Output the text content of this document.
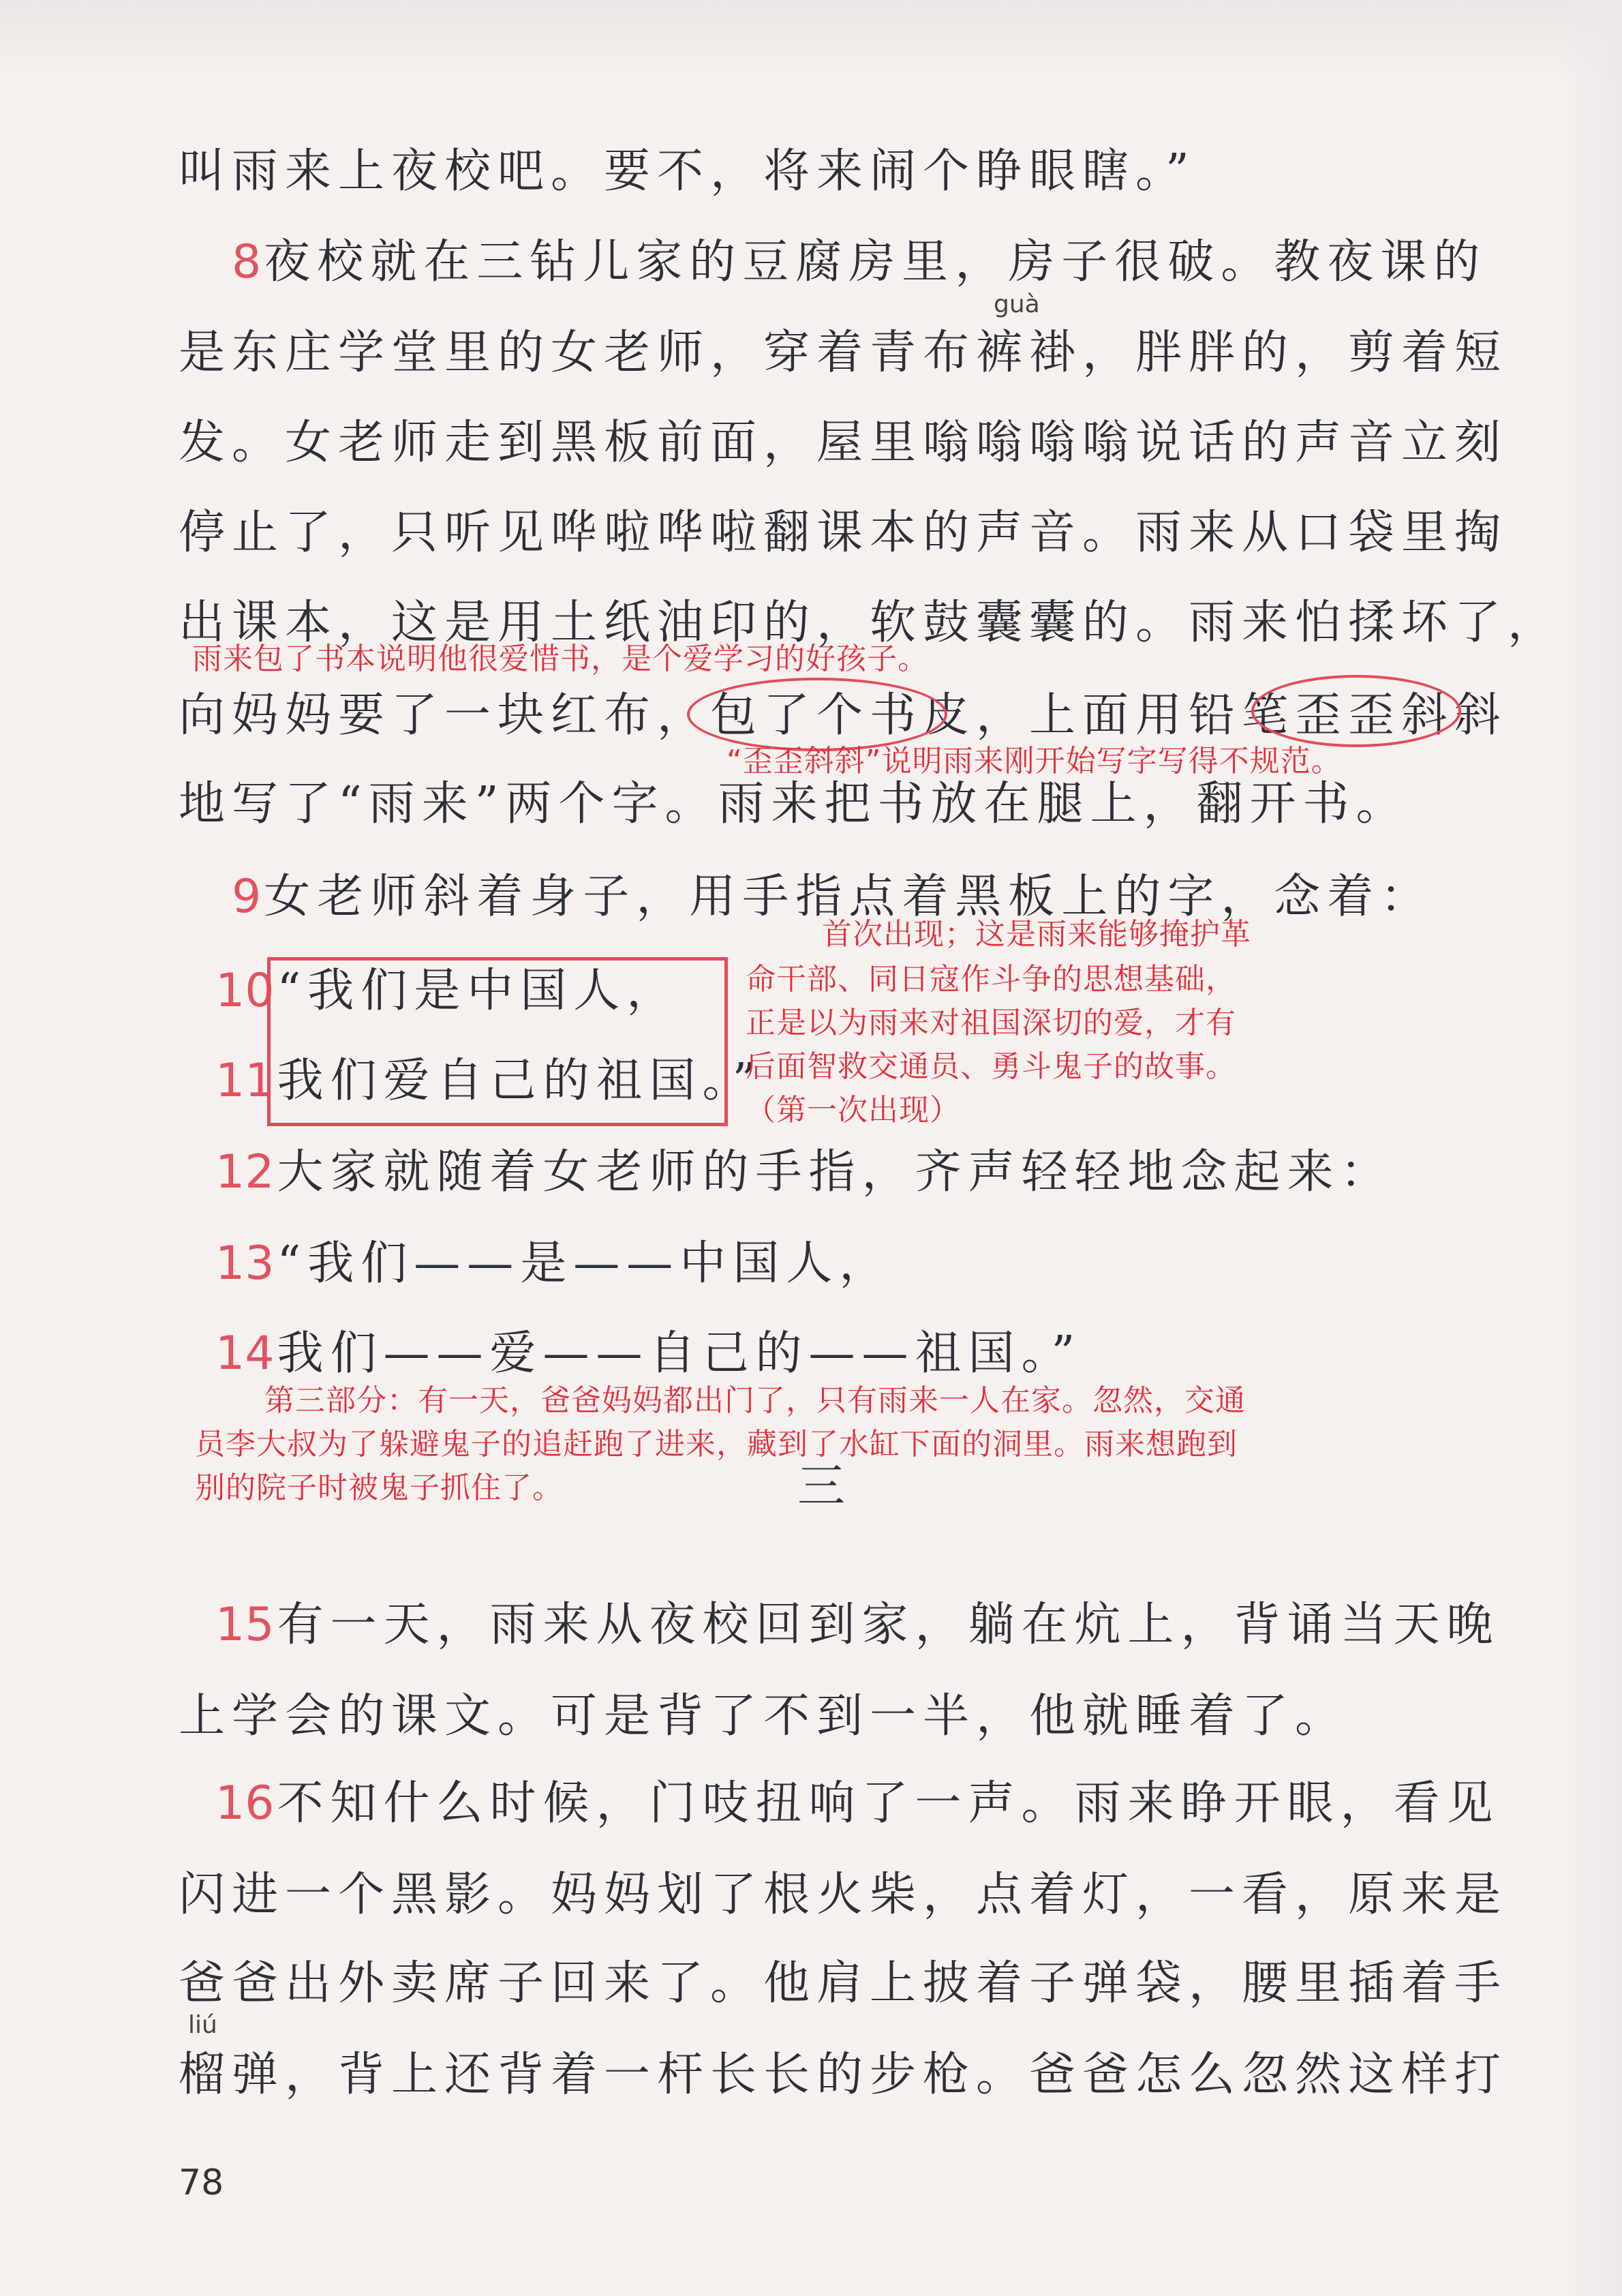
叫雨来上夜校吧。要不，将来闹个睁眼瞎。”
8夜校就在三钻儿家的豆腐房里，房子很破。教夜课的
是东庄学堂里的女老师，穿着青布裤褂，胖胖的，剪着短
发。女老师走到黑板前面，屋里嗡嗡嗡嗡说话的声音立刻
停止了，只听见哗啦哗啦翻课本的声音。雨来从口袋里掏
出课本，这是用土纸油印的，软鼓囊囊的。雨来怕揉坏了，
向妈妈要了一块红布，包了个书皮，上面用铅笔歪歪斜斜
地写了“雨来”两个字。雨来把书放在腿上，翻开书。
9女老师斜着身子，用手指点着黑板上的字，念着：
10“我们是中国人，
11我们爱自己的祖国。”
12大家就随着女老师的手指，齐声轻轻地念起来：
13“我们——是——中国人，
14我们——爱——自己的——祖国。”
15有一天，雨来从夜校回到家，躺在炕上，背诵当天晚
上学会的课文。可是背了不到一半，他就睡着了。
16不知什么时候，门吱扭响了一声。雨来睁开眼，看见
闪进一个黑影。妈妈划了根火柴，点着灯，一看，原来是
爸爸出外卖席子回来了。他肩上披着子弹袋，腰里插着手
榴弹，背上还背着一杆长长的步枪。爸爸怎么忽然这样打
guà
liú
雨来包了书本说明他很爱惜书，是个爱学习的好孩子。
“歪歪斜斜”说明雨来刚开始写字写得不规范。
首次出现；这是雨来能够掩护革
命干部、同日寇作斗争的思想基础，
正是以为雨来对祖国深切的爱，才有
后面智救交通员、勇斗鬼子的故事。
（第一次出现）
第三部分：有一天，爸爸妈妈都出门了，只有雨来一人在家。忽然，交通
员李大叔为了躲避鬼子的追赶跑了进来，藏到了水缸下面的洞里。雨来想跑到
别的院子时被鬼子抓住了。	三
78
